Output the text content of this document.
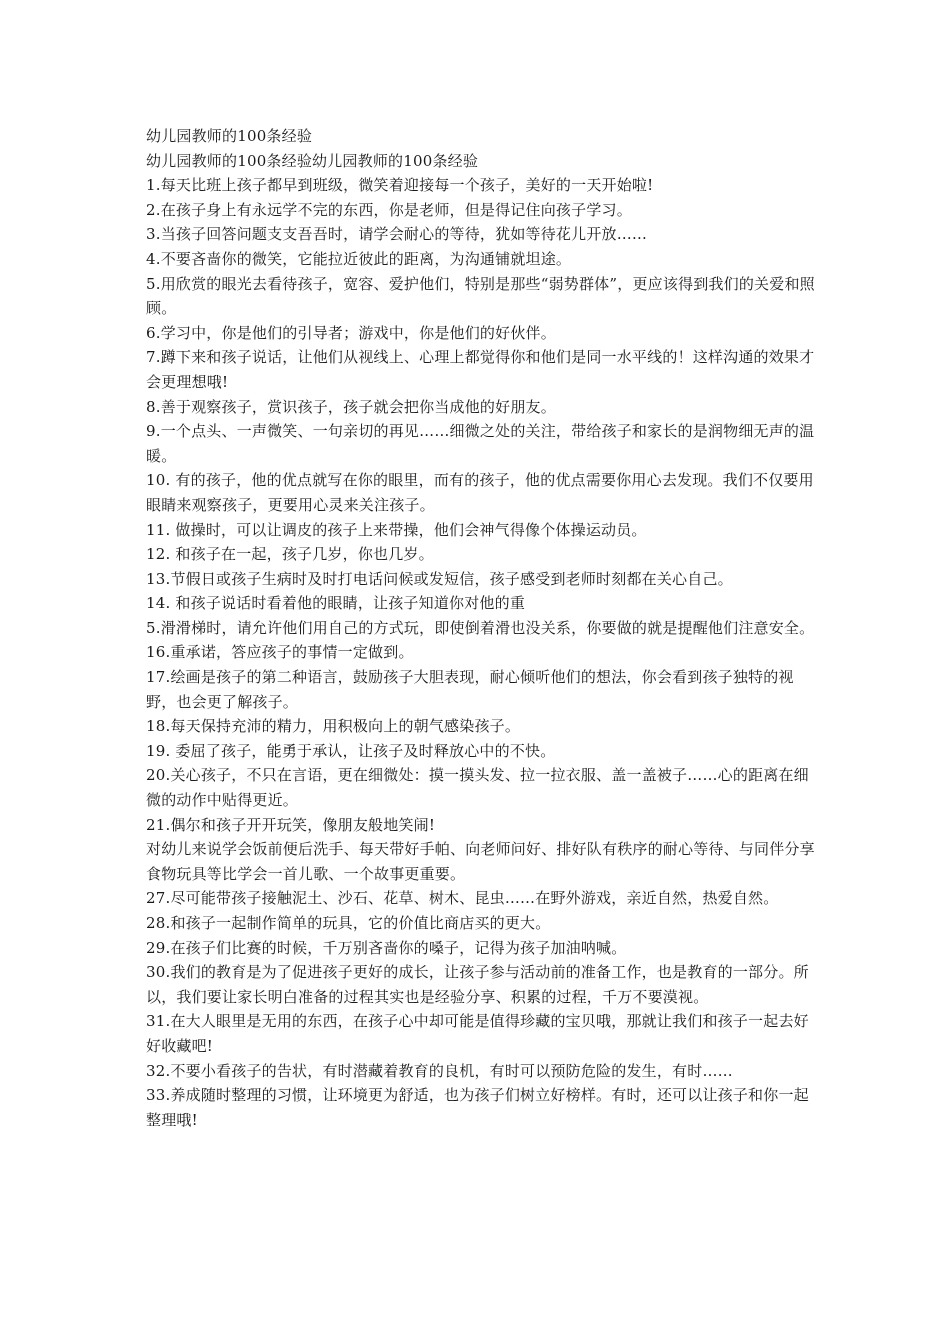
幼儿园教师的100条经验

幼儿园教师的100条经验幼儿园教师的100条经验

1.每天比班上孩子都早到班级，微笑着迎接每一个孩子，美好的一天开始啦!

2.在孩子身上有永远学不完的东西，你是老师，但是得记住向孩子学习。

3.当孩子回答问题支支吾吾时，请学会耐心的等待，犹如等待花儿开放……

4.不要吝啬你的微笑，它能拉近彼此的距离，为沟通铺就坦途。

5.用欣赏的眼光去看待孩子，宽容、爱护他们，特别是那些“弱势群体”，更应该得到我们的关爱和照顾。

6.学习中，你是他们的引导者；游戏中，你是他们的好伙伴。

7.蹲下来和孩子说话，让他们从视线上、心理上都觉得你和他们是同一水平线的！这样沟通的效果才会更理想哦!

8.善于观察孩子，赏识孩子，孩子就会把你当成他的好朋友。

9.一个点头、一声微笑、一句亲切的再见……细微之处的关注，带给孩子和家长的是润物细无声的温暖。

10. 有的孩子，他的优点就写在你的眼里，而有的孩子，他的优点需要你用心去发现。我们不仅要用眼睛来观察孩子，更要用心灵来关注孩子。

11. 做操时，可以让调皮的孩子上来带操，他们会神气得像个体操运动员。

12. 和孩子在一起，孩子几岁，你也几岁。

13.节假日或孩子生病时及时打电话问候或发短信，孩子感受到老师时刻都在关心自己。

14. 和孩子说话时看着他的眼睛，让孩子知道你对他的重

5.滑滑梯时，请允许他们用自己的方式玩，即使倒着滑也没关系，你要做的就是提醒他们注意安全。

16.重承诺，答应孩子的事情一定做到。

17.绘画是孩子的第二种语言，鼓励孩子大胆表现，耐心倾听他们的想法，你会看到孩子独特的视野，也会更了解孩子。

18.每天保持充沛的精力，用积极向上的朝气感染孩子。

19. 委屈了孩子，能勇于承认，让孩子及时释放心中的不快。

20.关心孩子，不只在言语，更在细微处：摸一摸头发、拉一拉衣服、盖一盖被子……心的距离在细微的动作中贴得更近。

21.偶尔和孩子开开玩笑，像朋友般地笑闹!

对幼儿来说学会饭前便后洗手、每天带好手帕、向老师问好、排好队有秩序的耐心等待、与同伴分享食物玩具等比学会一首儿歌、一个故事更重要。

27.尽可能带孩子接触泥土、沙石、花草、树木、昆虫……在野外游戏，亲近自然，热爱自然。

28.和孩子一起制作简单的玩具，它的价值比商店买的更大。

29.在孩子们比赛的时候，千万别吝啬你的嗓子，记得为孩子加油呐喊。

30.我们的教育是为了促进孩子更好的成长，让孩子参与活动前的准备工作，也是教育的一部分。所以，我们要让家长明白准备的过程其实也是经验分享、积累的过程，千万不要漠视。

31.在大人眼里是无用的东西，在孩子心中却可能是值得珍藏的宝贝哦，那就让我们和孩子一起去好好收藏吧!

32.不要小看孩子的告状，有时潜藏着教育的良机，有时可以预防危险的发生，有时……

33.养成随时整理的习惯，让环境更为舒适，也为孩子们树立好榜样。有时，还可以让孩子和你一起整理哦!
